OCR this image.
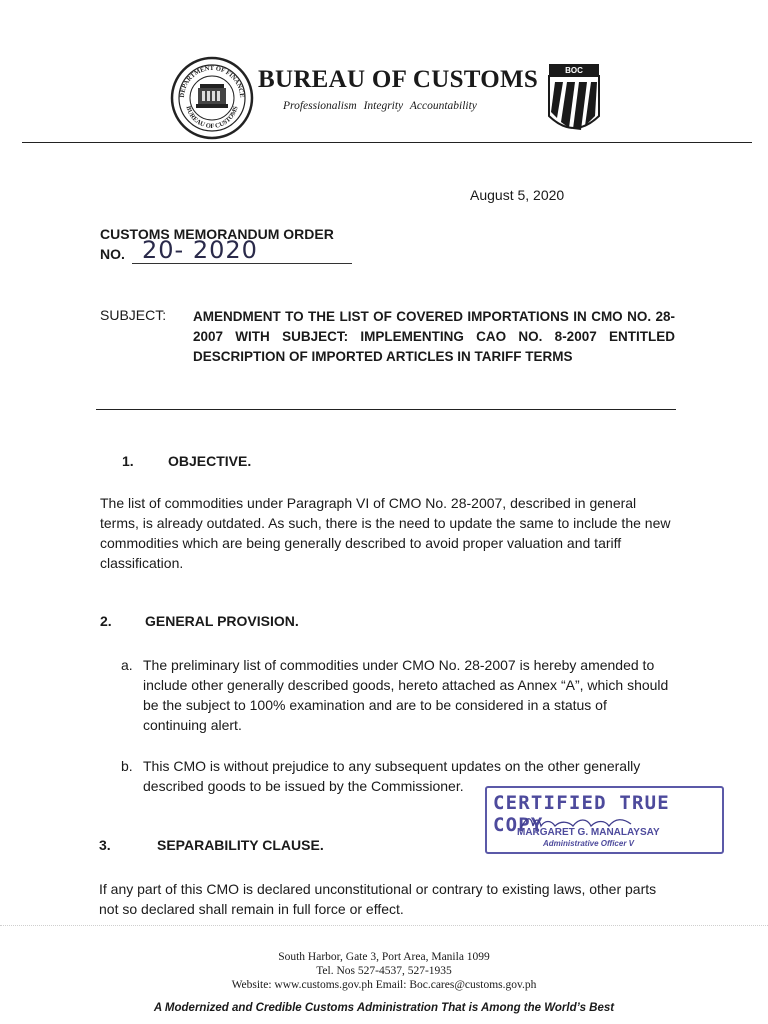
DEPARTMENT OF FINANCE
BUREAU OF CUSTOMS
BUREAU OF CUSTOMS
Professionalism Integrity Accountability
BOC
August 5, 2020
CUSTOMS MEMORANDUM ORDER
NO. 20- 2020
SUBJECT: AMENDMENT TO THE LIST OF COVERED IMPORTATIONS IN CMO NO. 28-2007 WITH SUBJECT: IMPLEMENTING CAO NO. 8-2007 ENTITLED DESCRIPTION OF IMPORTED ARTICLES IN TARIFF TERMS
1. OBJECTIVE.
The list of commodities under Paragraph VI of CMO No. 28-2007, described in general terms, is already outdated. As such, there is the need to update the same to include the new commodities which are being generally described to avoid proper valuation and tariff classification.
2. GENERAL PROVISION.
a. The preliminary list of commodities under CMO No. 28-2007 is hereby amended to include other generally described goods, hereto attached as Annex “A”, which should be the subject to 100% examination and are to be considered in a status of continuing alert.
b. This CMO is without prejudice to any subsequent updates on the other generally described goods to be issued by the Commissioner.
CERTIFIED TRUE COPY
MARGARET G. MANALAYSAY
Administrative Officer V
3.	SEPARABILITY CLAUSE.
If any part of this CMO is declared unconstitutional or contrary to existing laws, other parts not so declared shall remain in full force or effect.
South Harbor, Gate 3, Port Area, Manila 1099
Tel. Nos 527-4537, 527-1935
Website: www.customs.gov.ph Email: Boc.cares@customs.gov.ph
A Modernized and Credible Customs Administration That is Among the World’s Best
